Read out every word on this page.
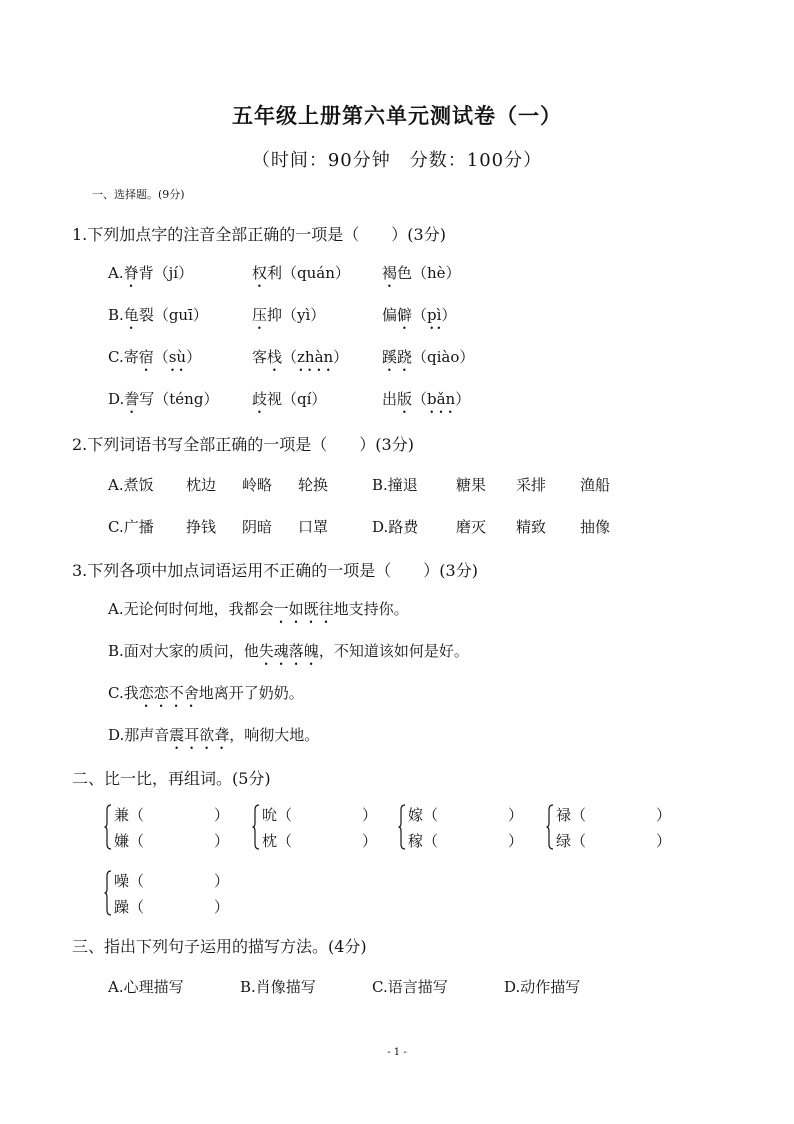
五年级上册第六单元测试卷（一）
（时间：90分钟　分数：100分）
一、选择题。(9分)
1.下列加点字的注音全部正确的一项是（　　）(3分)
A.脊背（jí）	权利（quán） 褐色（hè）
B.龟裂（guī）	压抑（yì）	偏僻（pì）
C.寄宿（sù）	客栈（zhàn） 蹊跷（qiào）
D.誊写（téng） 歧视（qí）	出版（bǎn）
2.下列词语书写全部正确的一项是（　　）(3分)
A.煮饭 枕边 岭略 轮换	B.撞退	糖果 采排 渔船
C.广播 挣钱 阴暗 口罩	D.路费	磨灭 精致 抽像
3.下列各项中加点词语运用不正确的一项是（　　）(3分)
A.无论何时何地，我都会一如既往地支持你。
B.面对大家的质问，他失魂落魄，不知道该如何是好。
C.我恋恋不舍地离开了奶奶。
D.那声音震耳欲聋，响彻大地。
二、比一比，再组词。(5分)
兼（	）
嫌（	）
吮（	）
枕（	）
嫁（	）
稼（	）
禄（	）
绿（	）
噪（	）
躁（	）
三、指出下列句子运用的描写方法。(4分)
A.心理描写	B.肖像描写	C.语言描写	D.动作描写
- 1 -
